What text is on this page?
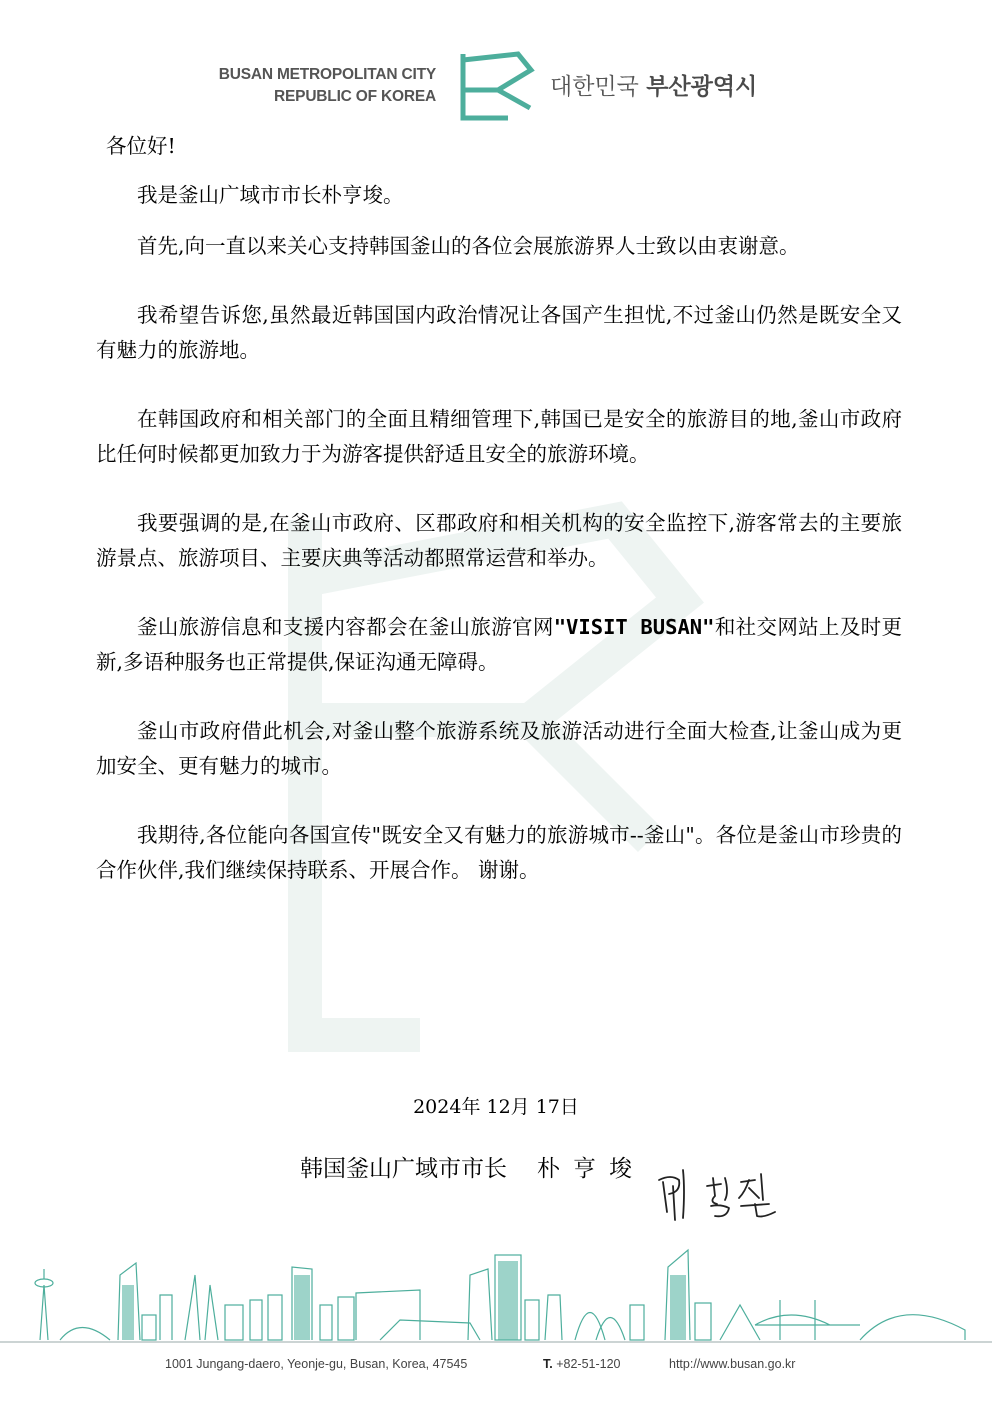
BUSAN METROPOLITAN CITY
REPUBLIC OF KOREA	대한민국 부산광역시
各位好!

我是釜山广域市市长朴亨埈。

首先,向一直以来关心支持韩国釜山的各位会展旅游界人士致以由衷谢意。

我希望告诉您,虽然最近韩国国内政治情况让各国产生担忧,不过釜山仍然是既安全又有魅力的旅游地。

在韩国政府和相关部门的全面且精细管理下,韩国已是安全的旅游目的地,釜山市政府比任何时候都更加致力于为游客提供舒适且安全的旅游环境。

我要强调的是,在釜山市政府、区郡政府和相关机构的安全监控下,游客常去的主要旅游景点、旅游项目、主要庆典等活动都照常运营和举办。

釜山旅游信息和支援内容都会在釜山旅游官网"VISIT BUSAN"和社交网站上及时更新,多语种服务也正常提供,保证沟通无障碍。

釜山市政府借此机会,对釜山整个旅游系统及旅游活动进行全面大检查,让釜山成为更加安全、更有魅力的城市。

我期待,各位能向各国宣传"既安全又有魅力的旅游城市--釜山"。各位是釜山市珍贵的合作伙伴,我们继续保持联系、开展合作。 谢谢。

2024年 12月 17日
韩国釜山广域市市长 朴亨埈
1001 Jungang-daero, Yeonje-gu, Busan, Korea, 47545	T. +82-51-120	http://www.busan.go.kr
